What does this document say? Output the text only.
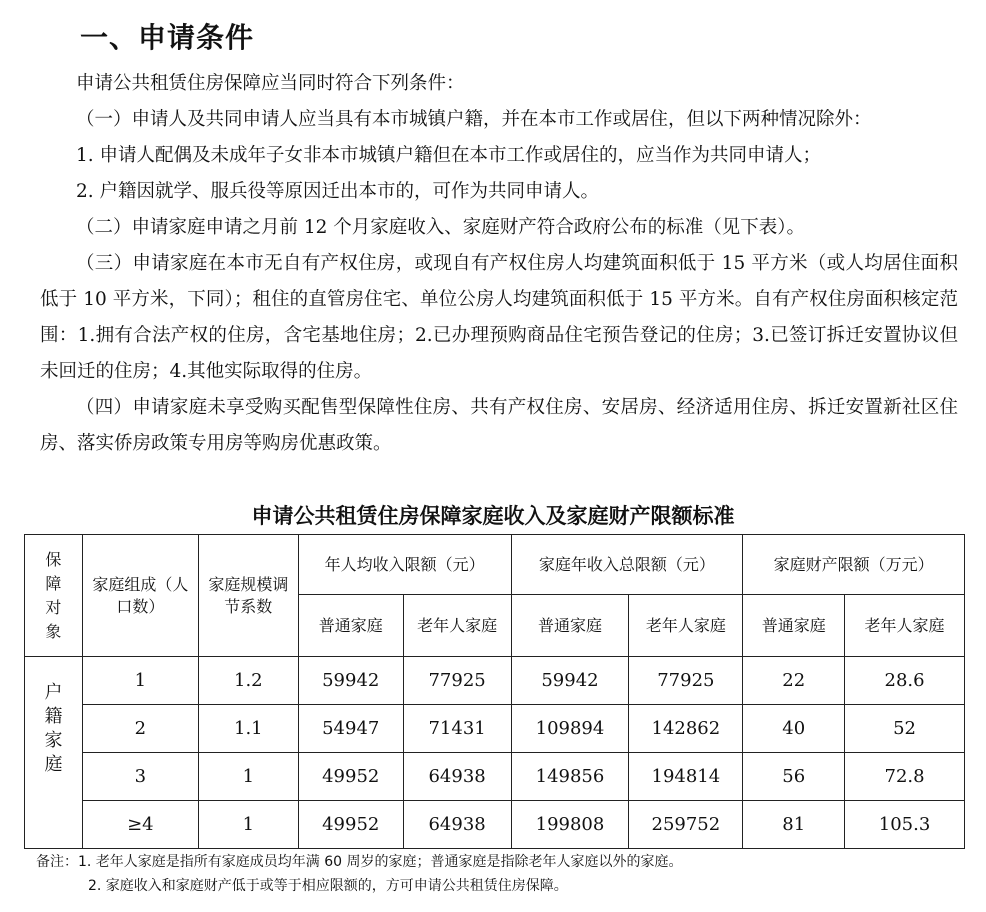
一、申请条件

申请公共租赁住房保障应当同时符合下列条件：

（一）申请人及共同申请人应当具有本市城镇户籍，并在本市工作或居住，但以下两种情况除外：

1. 申请人配偶及未成年子女非本市城镇户籍但在本市工作或居住的，应当作为共同申请人；

2. 户籍因就学、服兵役等原因迁出本市的，可作为共同申请人。

（二）申请家庭申请之月前 12 个月家庭收入、家庭财产符合政府公布的标准（见下表）。

（三）申请家庭在本市无自有产权住房，或现自有产权住房人均建筑面积低于 15 平方米（或人均居住面积低于 10 平方米，下同）；租住的直管房住宅、单位公房人均建筑面积低于 15 平方米。自有产权住房面积核定范围：1.拥有合法产权的住房，含宅基地住房；2.已办理预购商品住宅预告登记的住房；3.已签订拆迁安置协议但未回迁的住房；4.其他实际取得的住房。

（四）申请家庭未享受购买配售型保障性住房、共有产权住房、安居房、经济适用住房、拆迁安置新社区住房、落实侨房政策专用房等购房优惠政策。

申请公共租赁住房保障家庭收入及家庭财产限额标准
保障对象	家庭组成（人口数）	家庭规模调节系数	年人均收入限额（元）		家庭年收入总限额（元）		家庭财产限额（万元）	
			普通家庭	老年人家庭	普通家庭	老年人家庭	普通家庭	老年人家庭

户籍家庭	1	1.2	59942	77925	59942	77925	22	28.6
	2	1.1	54947	71431	109894	142862	40	52
	3	1	49952	64938	149856	194814	56	72.8
	≥4	1	49952	64938	199808	259752	81	105.3
备注：1. 老年人家庭是指所有家庭成员均年满 60 周岁的家庭；普通家庭是指除老年人家庭以外的家庭。
2. 家庭收入和家庭财产低于或等于相应限额的，方可申请公共租赁住房保障。
